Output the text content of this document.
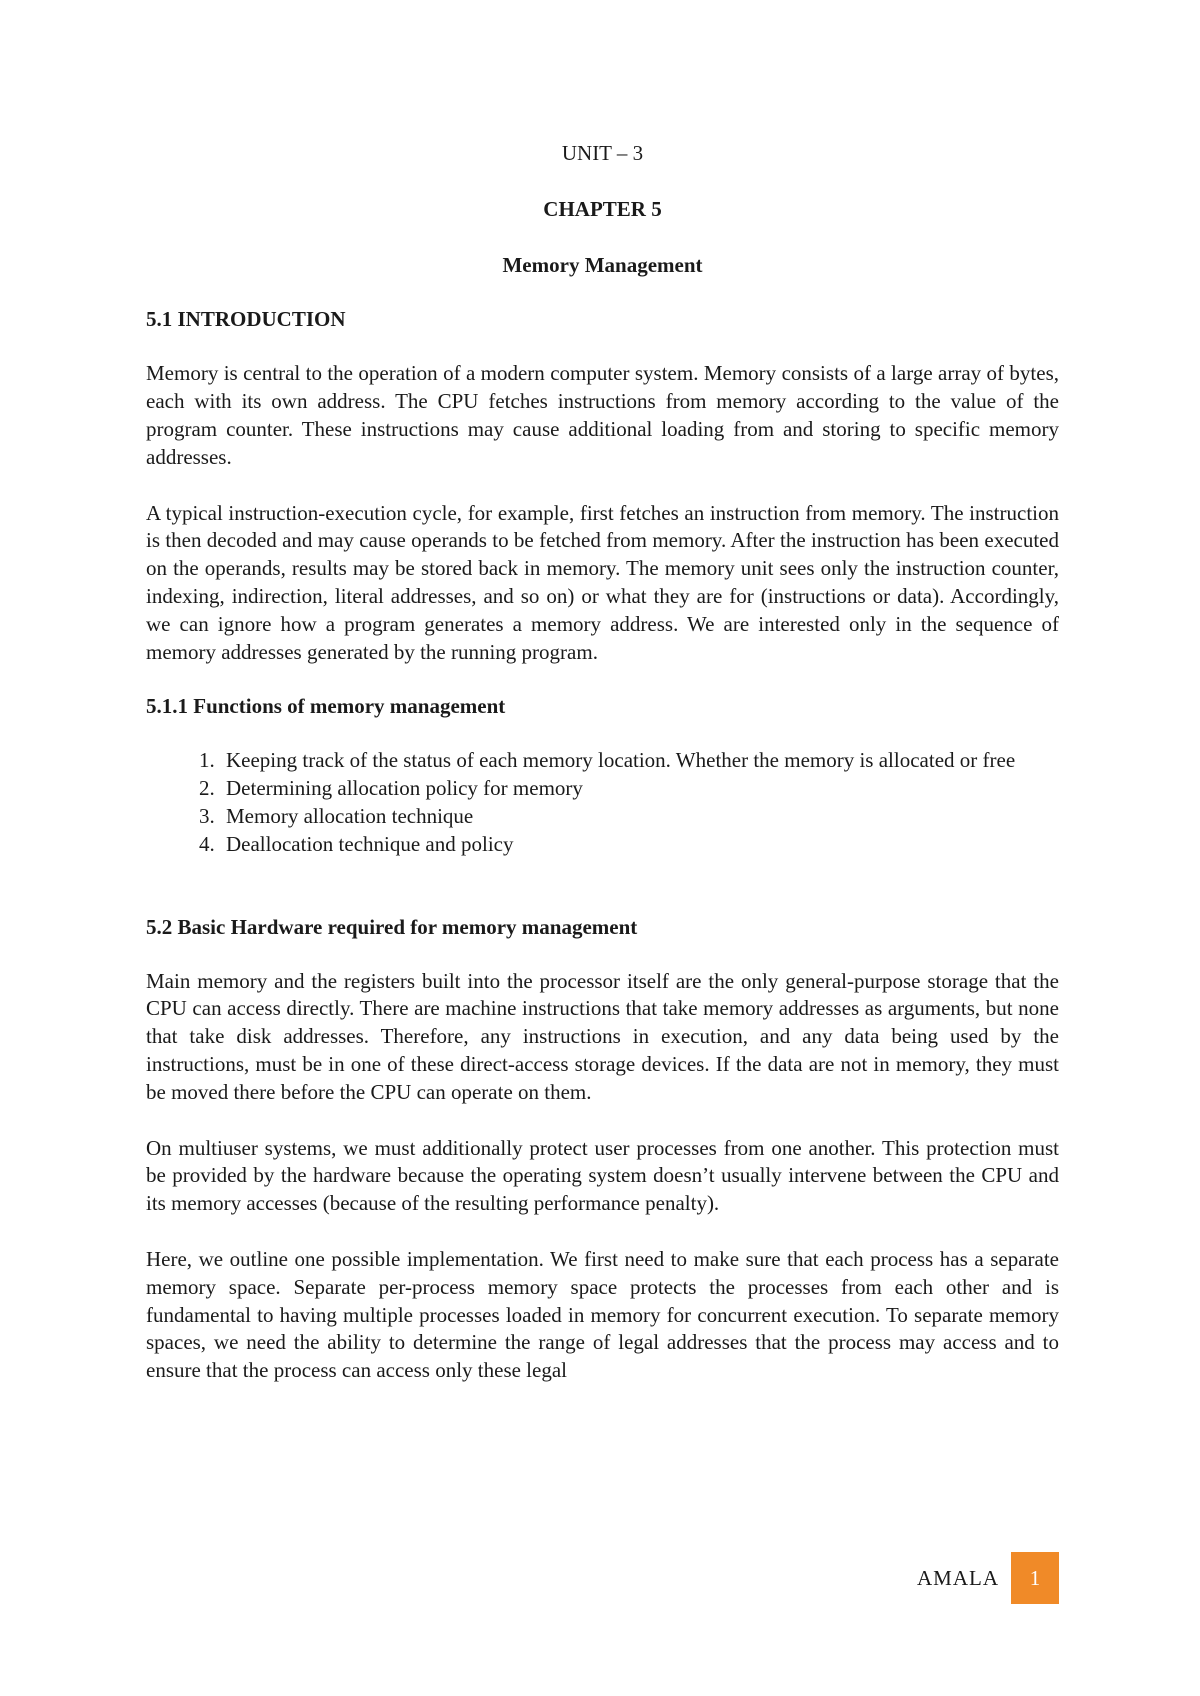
UNIT – 3

CHAPTER 5

Memory Management

5.1 INTRODUCTION

Memory is central to the operation of a modern computer system. Memory consists of a large array of bytes, each with its own address. The CPU fetches instructions from memory according to the value of the program counter. These instructions may cause additional loading from and storing to specific memory addresses.

A typical instruction-execution cycle, for example, first fetches an instruction from memory. The instruction is then decoded and may cause operands to be fetched from memory. After the instruction has been executed on the operands, results may be stored back in memory. The memory unit sees only the instruction counter, indexing, indirection, literal addresses, and so on) or what they are for (instructions or data). Accordingly, we can ignore how a program generates a memory address. We are interested only in the sequence of memory addresses generated by the running program.

5.1.1 Functions of memory management
1. Keeping track of the status of each memory location. Whether the memory is allocated or free
2. Determining allocation policy for memory
3. Memory allocation technique
4. Deallocation technique and policy
5.2 Basic Hardware required for memory management

Main memory and the registers built into the processor itself are the only general-purpose storage that the CPU can access directly. There are machine instructions that take memory addresses as arguments, but none that take disk addresses. Therefore, any instructions in execution, and any data being used by the instructions, must be in one of these direct-access storage devices. If the data are not in memory, they must be moved there before the CPU can operate on them.

On multiuser systems, we must additionally protect user processes from one another. This protection must be provided by the hardware because the operating system doesn’t usually intervene between the CPU and its memory accesses (because of the resulting performance penalty).

Here, we outline one possible implementation. We first need to make sure that each process has a separate memory space. Separate per-process memory space protects the processes from each other and is fundamental to having multiple processes loaded in memory for concurrent execution. To separate memory spaces, we need the ability to determine the range of legal addresses that the process may access and to ensure that the process can access only these legal

AMALA	1
